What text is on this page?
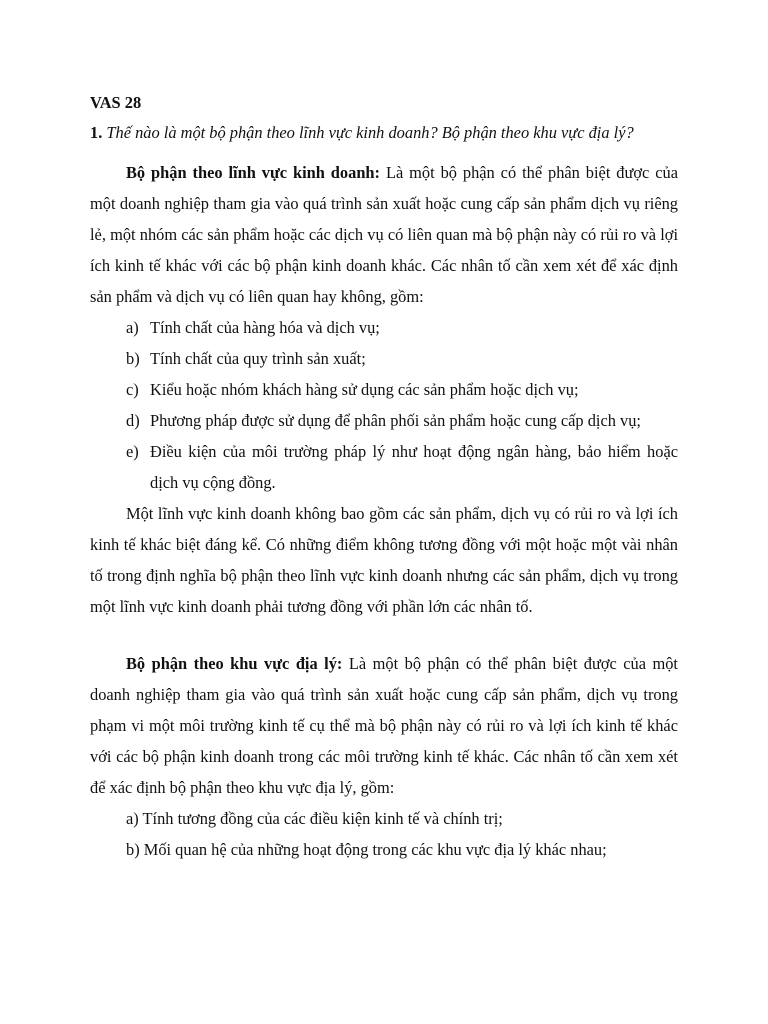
VAS 28

1. Thế nào là một bộ phận theo lĩnh vực kinh doanh? Bộ phận theo khu vực địa lý?

Bộ phận theo lĩnh vực kinh doanh: Là một bộ phận có thể phân biệt được của một doanh nghiệp tham gia vào quá trình sản xuất hoặc cung cấp sản phẩm dịch vụ riêng lẻ, một nhóm các sản phẩm hoặc các dịch vụ có liên quan mà bộ phận này có rủi ro và lợi ích kinh tế khác với các bộ phận kinh doanh khác. Các nhân tố cần xem xét để xác định sản phẩm và dịch vụ có liên quan hay không, gồm:

a) Tính chất của hàng hóa và dịch vụ;
b) Tính chất của quy trình sản xuất;
c) Kiểu hoặc nhóm khách hàng sử dụng các sản phẩm hoặc dịch vụ;
d) Phương pháp được sử dụng để phân phối sản phẩm hoặc cung cấp dịch vụ;
e) Điều kiện của môi trường pháp lý như hoạt động ngân hàng, bảo hiểm hoặc dịch vụ cộng đồng.

Một lĩnh vực kinh doanh không bao gồm các sản phẩm, dịch vụ có rủi ro và lợi ích kinh tế khác biệt đáng kể. Có những điểm không tương đồng với một hoặc một vài nhân tố trong định nghĩa bộ phận theo lĩnh vực kinh doanh nhưng các sản phẩm, dịch vụ trong một lĩnh vực kinh doanh phải tương đồng với phần lớn các nhân tố.

Bộ phận theo khu vực địa lý: Là một bộ phận có thể phân biệt được của một doanh nghiệp tham gia vào quá trình sản xuất hoặc cung cấp sản phẩm, dịch vụ trong phạm vi một môi trường kinh tế cụ thể mà bộ phận này có rủi ro và lợi ích kinh tế khác với các bộ phận kinh doanh trong các môi trường kinh tế khác. Các nhân tố cần xem xét để xác định bộ phận theo khu vực địa lý, gồm:

a) Tính tương đồng của các điều kiện kinh tế và chính trị;
b) Mối quan hệ của những hoạt động trong các khu vực địa lý khác nhau;
